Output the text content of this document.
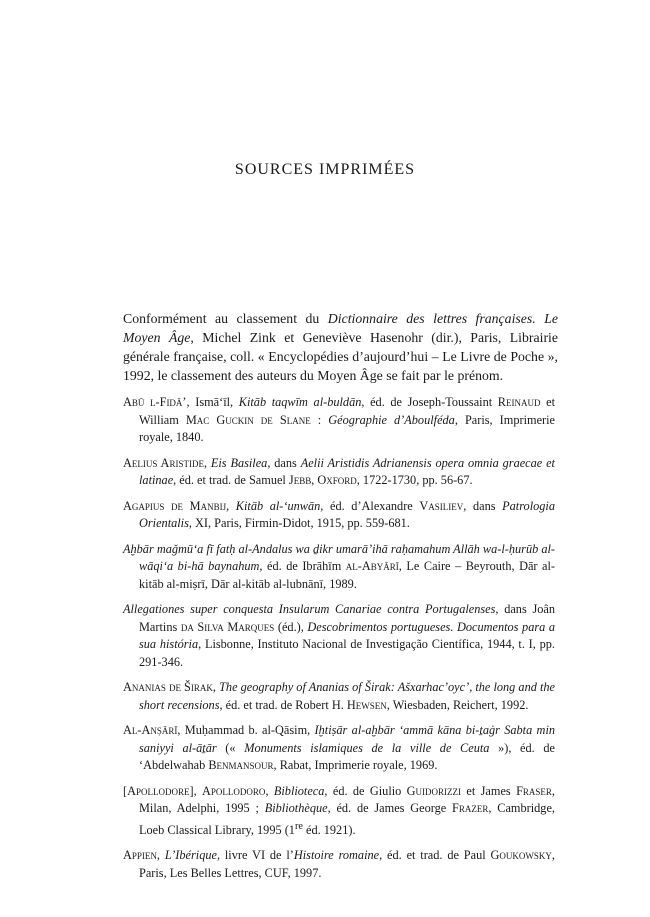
SOURCES IMPRIMÉES

Conformément au classement du Dictionnaire des lettres françaises. Le Moyen Âge, Michel Zink et Geneviève Hasenohr (dir.), Paris, Librairie générale française, coll. « Encyclopédies d’aujourd’hui – Le Livre de Poche », 1992, le classement des auteurs du Moyen Âge se fait par le prénom.

Abū l-Fidā’, Ismā‘īl, Kitāb taqwīm al-buldān, éd. de Joseph-Toussaint Reinaud et William Mac Guckin de Slane : Géographie d’Aboulféda, Paris, Imprimerie royale, 1840.

Aelius Aristide, Eis Basilea, dans Aelii Aristidis Adrianensis opera omnia graecae et latinae, éd. et trad. de Samuel Jebb, Oxford, 1722-1730, pp. 56-67.

Agapius de Manbij, Kitāb al-‘unwān, éd. d’Alexandre Vasiliev, dans Patrologia Orientalis, XI, Paris, Firmin-Didot, 1915, pp. 559-681.

Aḫbār maǧmū‘a fī fatḥ al-Andalus wa ḏikr umarā’ihā raḥamahum Allāh wa-l-ḥurūb al-wāqi‘a bi-hā baynahum, éd. de Ibrāhīm al-Abyārī, Le Caire – Beyrouth, Dār al-kitāb al-miṣrī, Dār al-kitāb al-lubnānī, 1989.

Allegationes super conquesta Insularum Canariae contra Portugalenses, dans Joân Martins da Silva Marques (éd.), Descobrimentos portugueses. Documentos para a sua história, Lisbonne, Instituto Nacional de Investigação Científica, 1944, t. I, pp. 291-346.

Ananias de Širak, The geography of Ananias of Širak: Ašxarhac’oyc’, the long and the short recensions, éd. et trad. de Robert H. Hewsen, Wiesbaden, Reichert, 1992.

Al-Anṣārī, Muḥammad b. al-Qāsim, Iḫtiṣār al-aḫbār ‘ammā kāna bi-ṯaġr Sabta min saniyyi al-āṯār (« Monuments islamiques de la ville de Ceuta »), éd. de ‘Abdelwahab Benmansour, Rabat, Imprimerie royale, 1969.

[Apollodore], Apollodoro, Biblioteca, éd. de Giulio Guidorizzi et James Fraser, Milan, Adelphi, 1995 ; Bibliothèque, éd. de James George Frazer, Cambridge, Loeb Classical Library, 1995 (1re éd. 1921).

Appien, L’Ibérique, livre VI de l’Histoire romaine, éd. et trad. de Paul Goukowsky, Paris, Les Belles Lettres, CUF, 1997.
